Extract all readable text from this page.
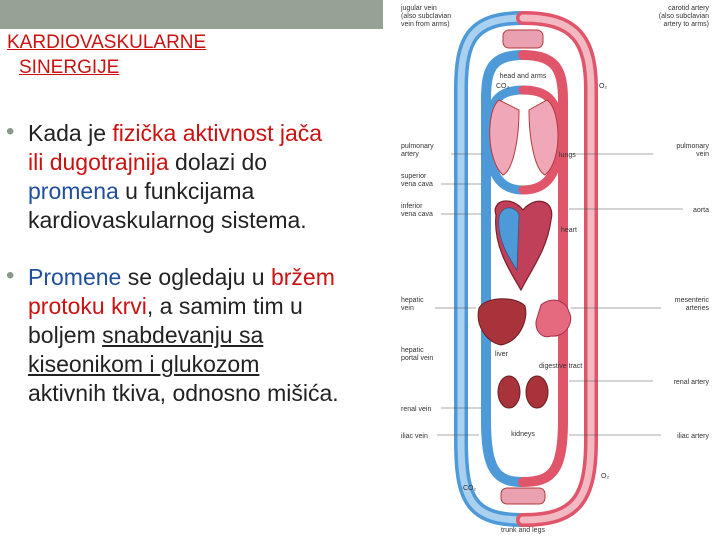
KARDIOVASKULARNE
SINERGIJE
• Kada je fizička aktivnost jača
ili dugotrajnija dolazi do
promena u funkcijama
kardiovaskularnog sistema.
• Promene se ogledaju u bržem
protoku krvi, a samim tim u
boljem snabdevanju sa
kiseonikom i glukozom
aktivnih tkiva, odnosno mišića.
jugular vein (also subclavian vein from arms)
carotid artery (also subclavian artery to arms)
head and arms
CO₂	O₂
pulmonary artery
pulmonary vein
lungs
superior vena cava
inferior vena cava
aorta
heart
hepatic vein
mesenteric arteries
liver
hepatic portal vein
digestive tract
renal artery
renal vein
kidneys
iliac vein	iliac artery
CO₂
O₂
trunk and legs
